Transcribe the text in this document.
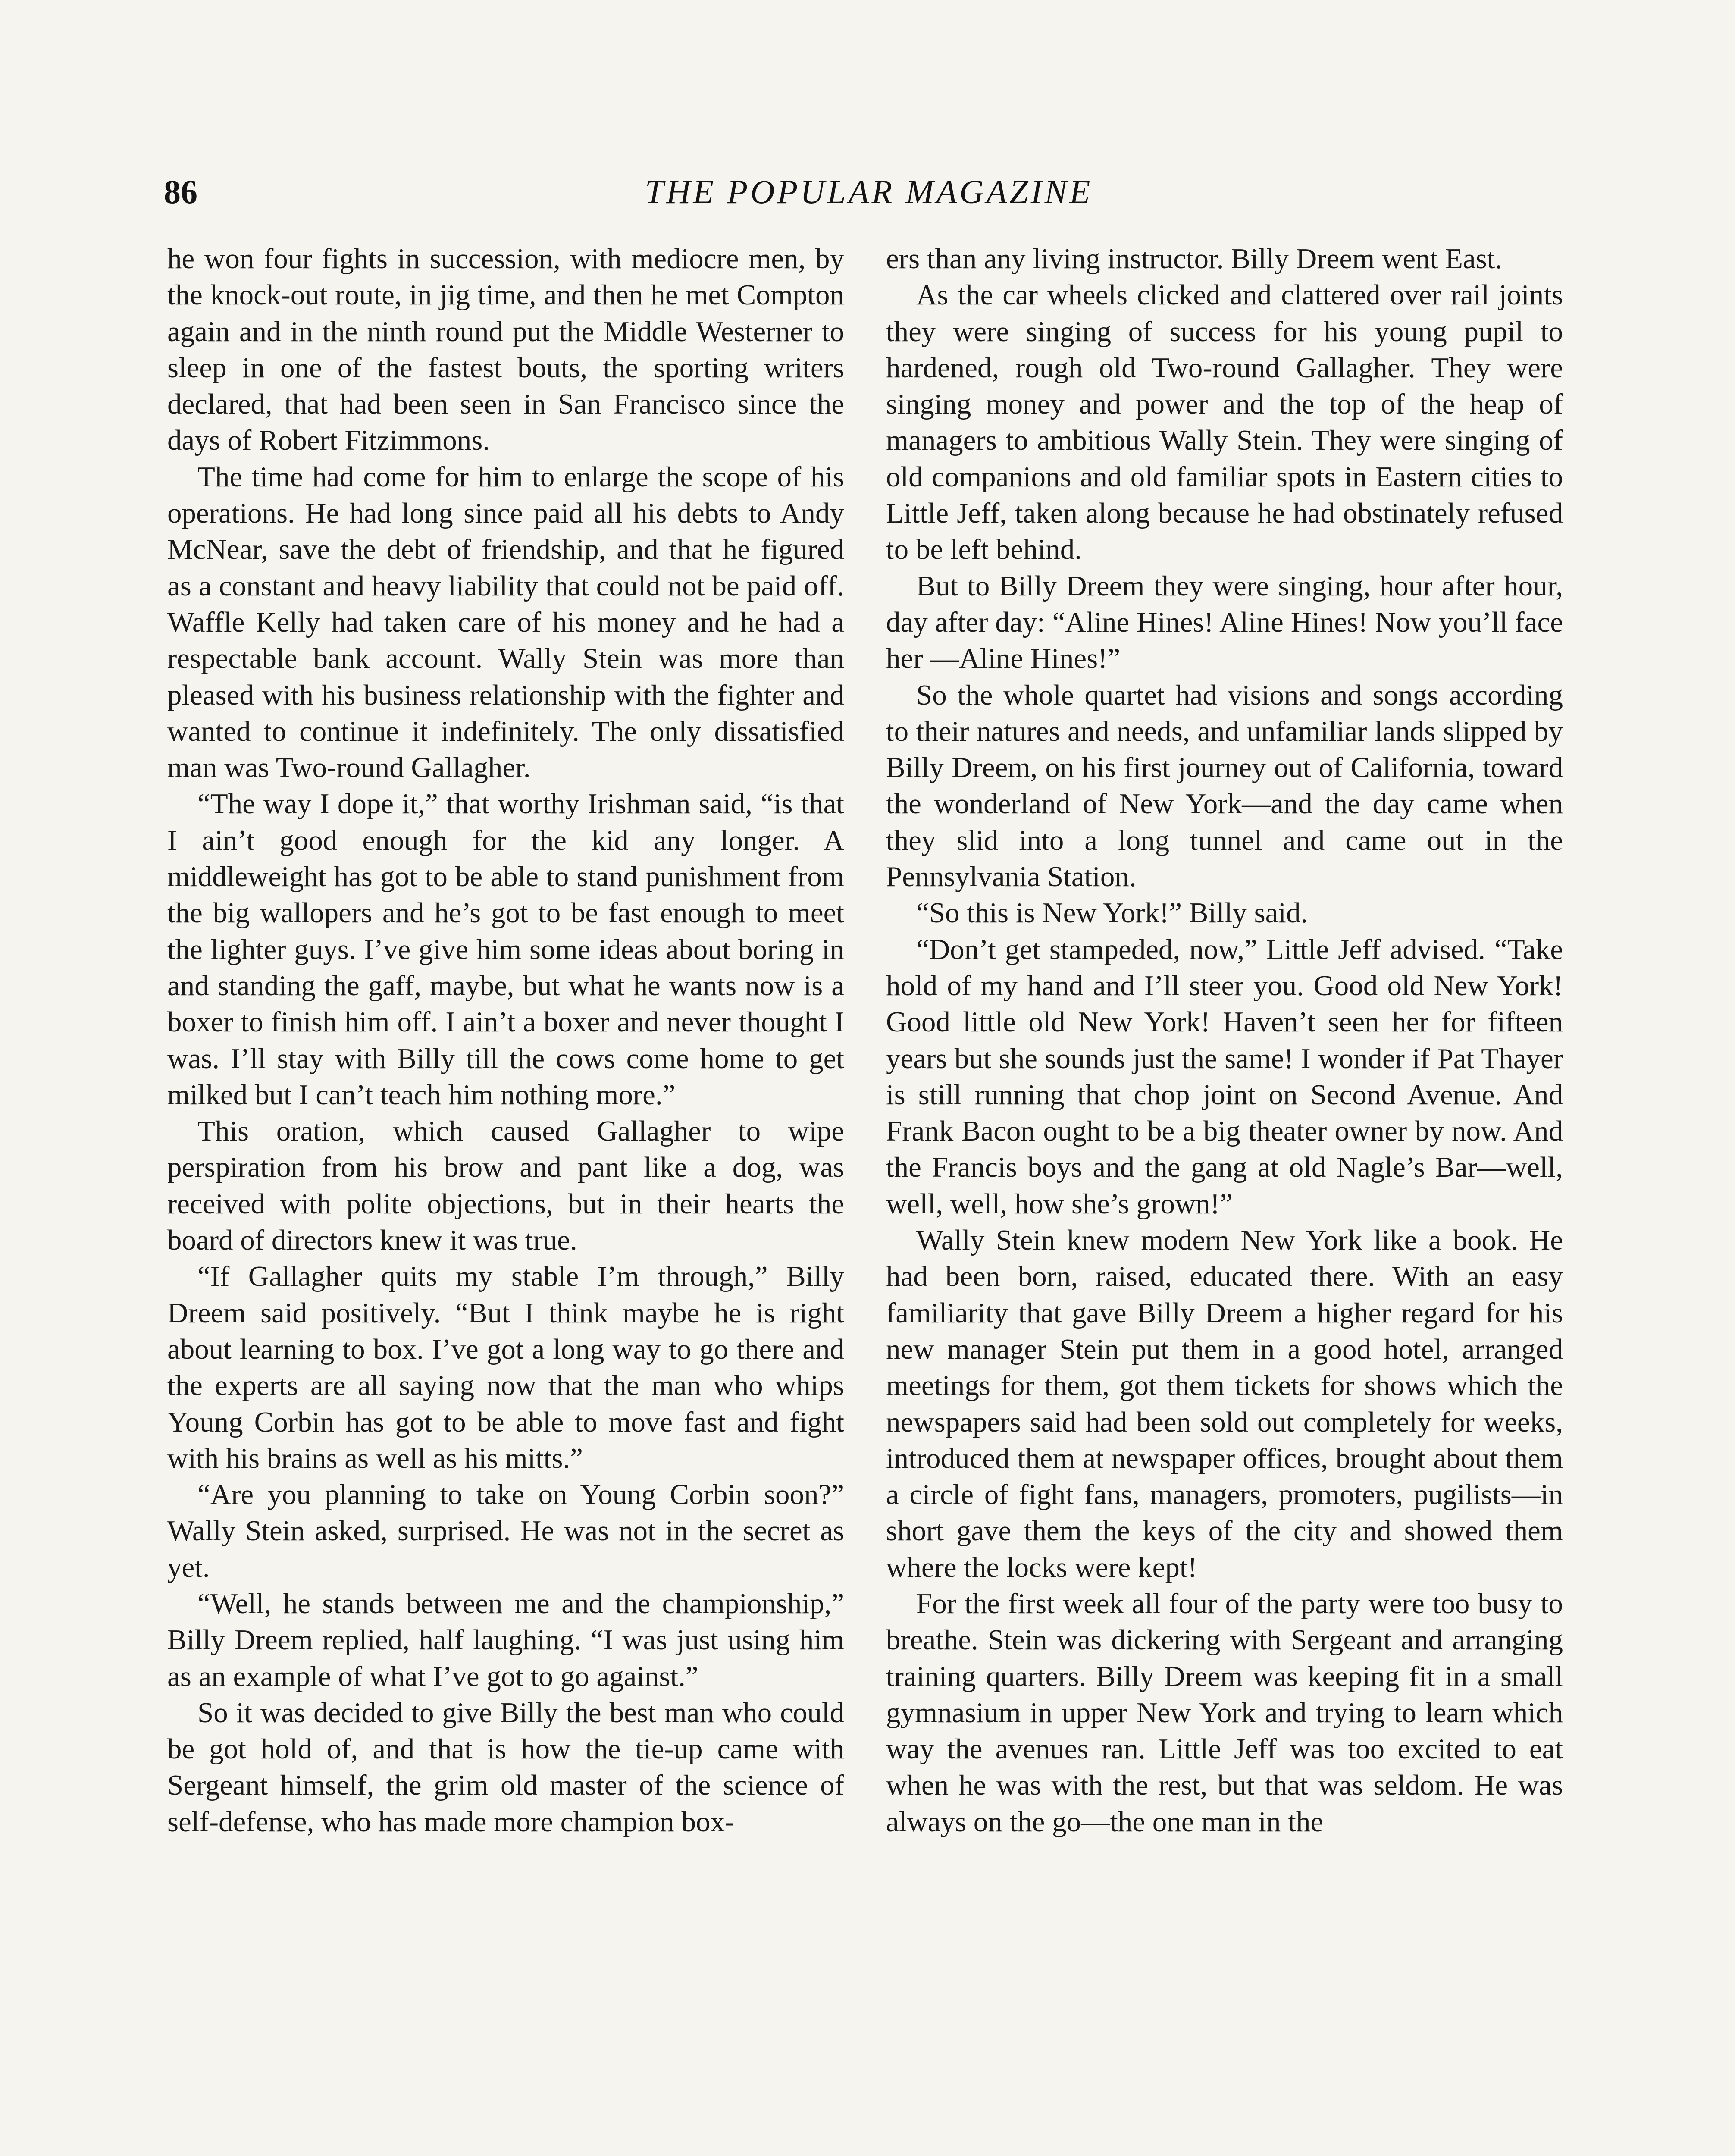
86	THE POPULAR MAGAZINE

he won four fights in succession, with mediocre men, by the knock-out route, in jig time, and then he met Compton again and in the ninth round put the Middle Westerner to sleep in one of the fastest bouts, the sporting writers declared, that had been seen in San Francisco since the days of Robert Fitzimmons.

The time had come for him to enlarge the scope of his operations. He had long since paid all his debts to Andy McNear, save the debt of friendship, and that he figured as a constant and heavy liability that could not be paid off. Waffle Kelly had taken care of his money and he had a respectable bank account. Wally Stein was more than pleased with his business relationship with the fighter and wanted to continue it indefinitely. The only dissatisfied man was Two-round Gallagher.

“The way I dope it,” that worthy Irishman said, “is that I ain’t good enough for the kid any longer. A middleweight has got to be able to stand punishment from the big wallopers and he’s got to be fast enough to meet the lighter guys. I’ve give him some ideas about boring in and standing the gaff, maybe, but what he wants now is a boxer to finish him off. I ain’t a boxer and never thought I was. I’ll stay with Billy till the cows come home to get milked but I can’t teach him nothing more.”

This oration, which caused Gallagher to wipe perspiration from his brow and pant like a dog, was received with polite objections, but in their hearts the board of directors knew it was true.

“If Gallagher quits my stable I’m through,” Billy Dreem said positively. “But I think maybe he is right about learning to box. I’ve got a long way to go there and the experts are all saying now that the man who whips Young Corbin has got to be able to move fast and fight with his brains as well as his mitts.”

“Are you planning to take on Young Corbin soon?” Wally Stein asked, surprised. He was not in the secret as yet.

“Well, he stands between me and the championship,” Billy Dreem replied, half laughing. “I was just using him as an example of what I’ve got to go against.”

So it was decided to give Billy the best man who could be got hold of, and that is how the tie-up came with Sergeant himself, the grim old master of the science of self-defense, who has made more champion box-

ers than any living instructor. Billy Dreem went East.

As the car wheels clicked and clattered over rail joints they were singing of success for his young pupil to hardened, rough old Two-round Gallagher. They were singing money and power and the top of the heap of managers to ambitious Wally Stein. They were singing of old companions and old familiar spots in Eastern cities to Little Jeff, taken along because he had obstinately refused to be left behind.

But to Billy Dreem they were singing, hour after hour, day after day: “Aline Hines! Aline Hines! Now you’ll face her —Aline Hines!”

So the whole quartet had visions and songs according to their natures and needs, and unfamiliar lands slipped by Billy Dreem, on his first journey out of California, toward the wonderland of New York—and the day came when they slid into a long tunnel and came out in the Pennsylvania Station.

“So this is New York!” Billy said.

“Don’t get stampeded, now,” Little Jeff advised. “Take hold of my hand and I’ll steer you. Good old New York! Good little old New York! Haven’t seen her for fifteen years but she sounds just the same! I wonder if Pat Thayer is still running that chop joint on Second Avenue. And Frank Bacon ought to be a big theater owner by now. And the Francis boys and the gang at old Nagle’s Bar—well, well, well, how she’s grown!”

Wally Stein knew modern New York like a book. He had been born, raised, educated there. With an easy familiarity that gave Billy Dreem a higher regard for his new manager Stein put them in a good hotel, arranged meetings for them, got them tickets for shows which the newspapers said had been sold out completely for weeks, introduced them at newspaper offices, brought about them a circle of fight fans, managers, promoters, pugilists—in short gave them the keys of the city and showed them where the locks were kept!

For the first week all four of the party were too busy to breathe. Stein was dickering with Sergeant and arranging training quarters. Billy Dreem was keeping fit in a small gymnasium in upper New York and trying to learn which way the avenues ran. Little Jeff was too excited to eat when he was with the rest, but that was seldom. He was always on the go—the one man in the
